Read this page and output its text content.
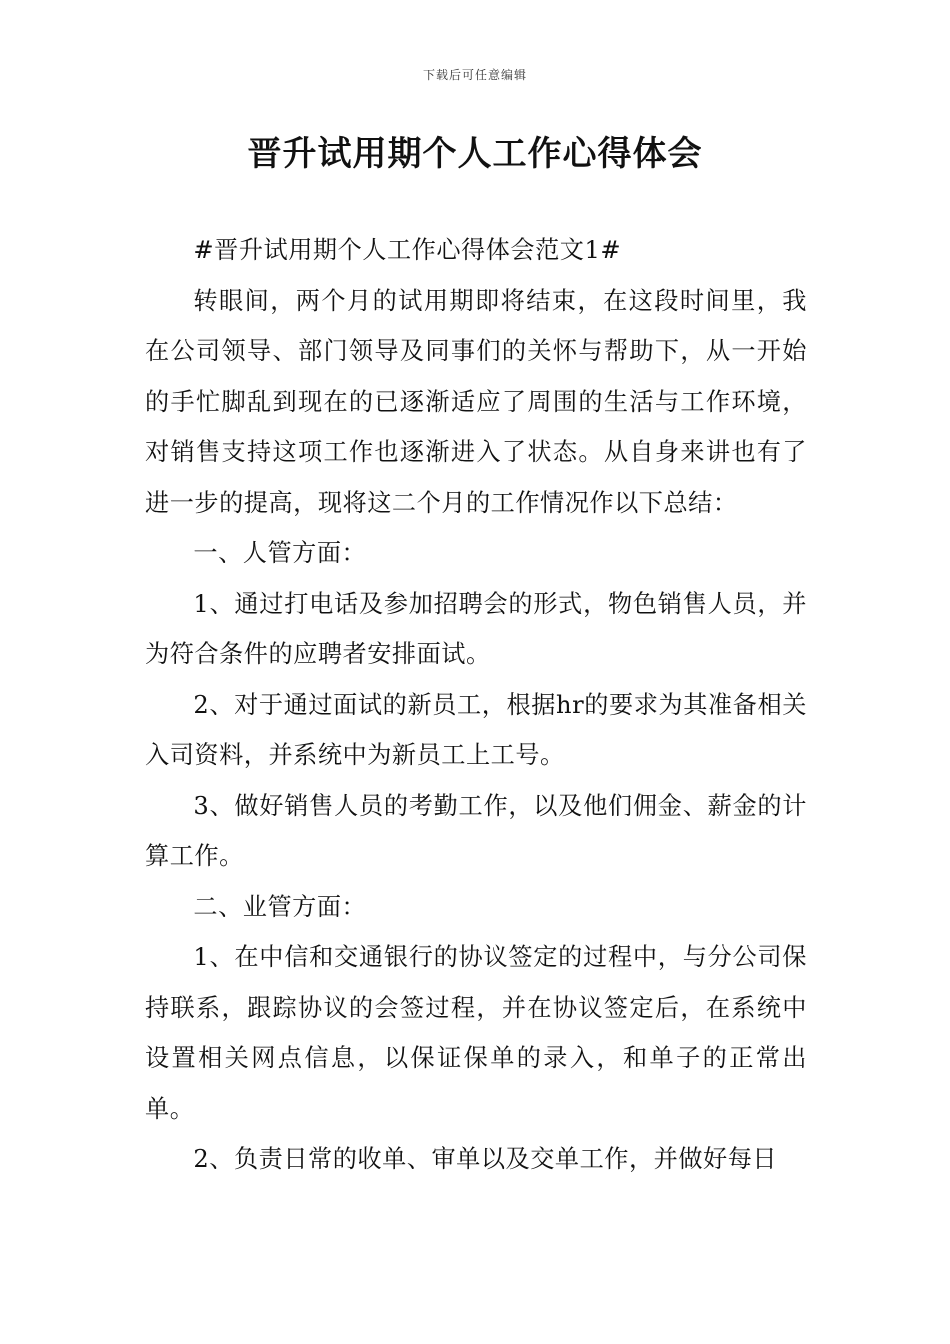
下载后可任意编辑
晋升试用期个人工作心得体会

#晋升试用期个人工作心得体会范文1#

转眼间，两个月的试用期即将结束，在这段时间里，我在公司领导、部门领导及同事们的关怀与帮助下，从一开始的手忙脚乱到现在的已逐渐适应了周围的生活与工作环境，对销售支持这项工作也逐渐进入了状态。从自身来讲也有了进一步的提高，现将这二个月的工作情况作以下总结：

一、人管方面：

1、通过打电话及参加招聘会的形式，物色销售人员，并为符合条件的应聘者安排面试。

2、对于通过面试的新员工，根据hr的要求为其准备相关入司资料，并系统中为新员工上工号。

3、做好销售人员的考勤工作，以及他们佣金、薪金的计算工作。

二、业管方面：

1、在中信和交通银行的协议签定的过程中，与分公司保持联系，跟踪协议的会签过程，并在协议签定后，在系统中设置相关网点信息，以保证保单的录入，和单子的正常出单。

2、负责日常的收单、审单以及交单工作，并做好每日
